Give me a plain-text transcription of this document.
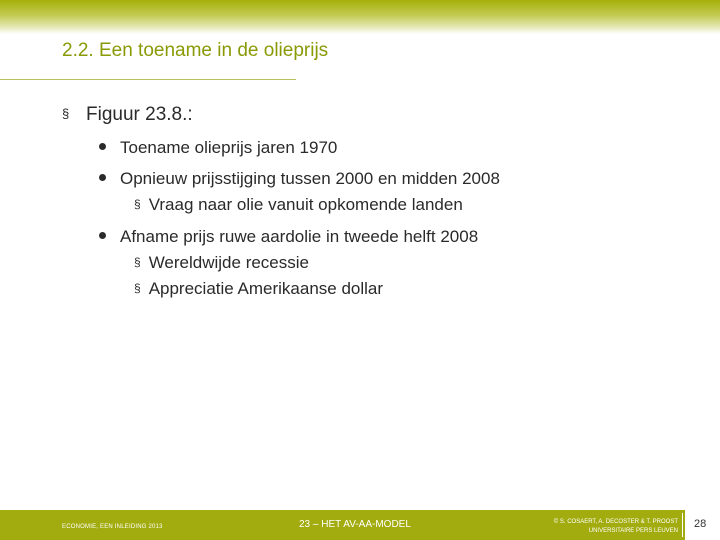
2.2. Een toename in de olieprijs
§ Figuur 23.8.:
Toename olieprijs jaren 1970
Opnieuw prijsstijging tussen 2000 en midden 2008
§ Vraag naar olie vanuit opkomende landen
Afname prijs ruwe aardolie in tweede helft 2008
§ Wereldwijde recessie
§ Appreciatie Amerikaanse dollar
ECONOMIE, EEN INLEIDING 2013	23 – HET AV-AA-MODEL	© S. COSAERT, A. DECOSTER & T. PROOST
UNIVERSITAIRE PERS LEUVEN
28
